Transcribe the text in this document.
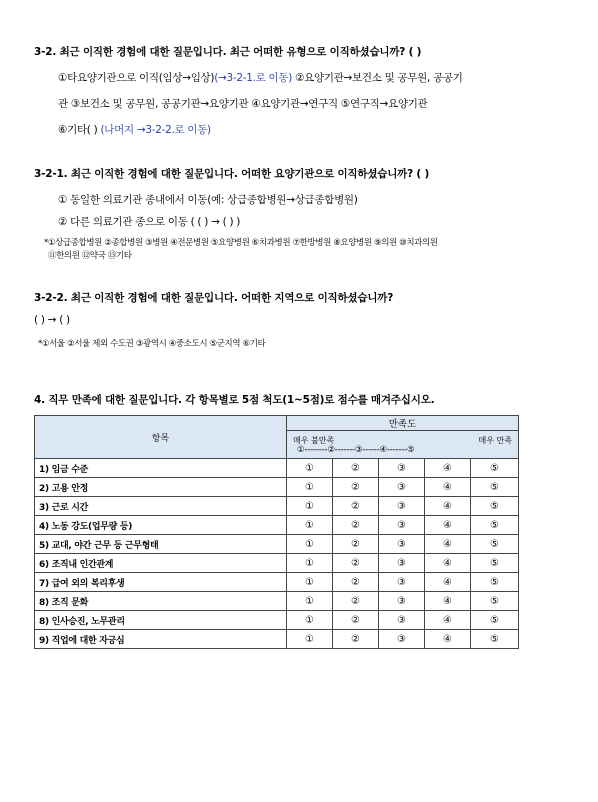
3-2. 최근 이직한 경험에 대한 질문입니다. 최근 어떠한 유형으로 이직하셨습니까? ( )
①타요양기관으로 이직(임상→임상)(→3-2-1.로 이동) ②요양기관→보건소 및 공무원, 공공기
관 ③보건소 및 공무원, 공공기관→요양기관 ④요양기관→연구직 ⑤연구직→요양기관
⑥기타( ) (나머지 →3-2-2.로 이동)
3-2-1. 최근 이직한 경험에 대한 질문입니다. 어떠한 요양기관으로 이직하셨습니까? ( )
① 동일한 의료기관 종내에서 이동(예: 상급종합병원→상급종합병원)
② 다른 의료기관 종으로 이동 ( ( ) → ( ) )
*①상급종합병원 ②종합병원 ③병원 ④전문병원 ⑤요양병원 ⑥치과병원 ⑦한방병원 ⑧요양병원 ⑨의원 ⑩치과의원
⑪한의원 ⑫약국 ⑬기타
3-2-2. 최근 이직한 경험에 대한 질문입니다. 어떠한 지역으로 이직하셨습니까?
( ) → ( )
*①서울 ②서울 제외 수도권 ③광역시 ④중소도시 ⑤군지역 ⑥기타
4. 직무 만족에 대한 질문입니다. 각 항목별로 5점 척도(1~5점)로 점수를 매겨주십시오.
항목	만족도				

	매우 불만족 매우 만족
①--------②-------③------④-------⑤				

1) 임금 수준	①	②	③	④	⑤
2) 고용 안정	①	②	③	④	⑤
3) 근로 시간	①	②	③	④	⑤
4) 노동 강도(업무량 등)	①	②	③	④	⑤
5) 교대, 야간 근무 등 근무형태	①	②	③	④	⑤
6) 조직내 인간관계	①	②	③	④	⑤
7) 급여 외의 복리후생	①	②	③	④	⑤
8) 조직 문화	①	②	③	④	⑤
8) 인사승진, 노무관리	①	②	③	④	⑤
9) 직업에 대한 자긍심	①	②	③	④	⑤
